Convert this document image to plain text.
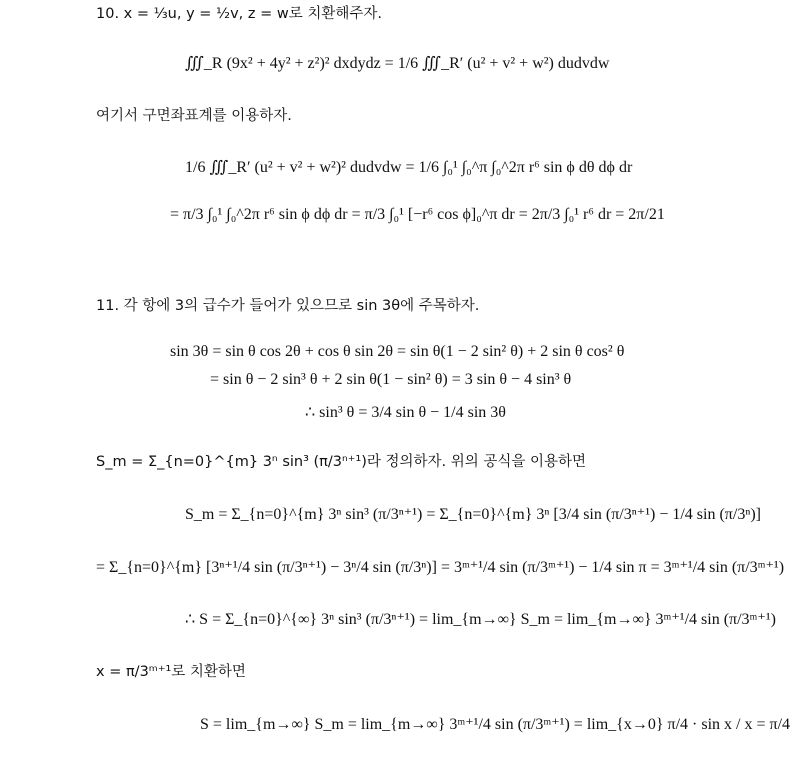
10. x = ⅓u, y = ½v, z = w로 치환해주자.
∭_R (9x² + 4y² + z²)² dxdydz = 1/6 ∭_R′ (u² + v² + w²) dudvdw
여기서 구면좌표계를 이용하자.
1/6 ∭_R′ (u² + v² + w²)² dudvdw = 1/6 ∫₀¹ ∫₀^π ∫₀^2π r⁶ sin ϕ dθ dϕ dr
= π/3 ∫₀¹ ∫₀^2π r⁶ sin ϕ dϕ dr = π/3 ∫₀¹ [−r⁶ cos ϕ]₀^π dr = 2π/3 ∫₀¹ r⁶ dr = 2π/21
11. 각 항에 3의 급수가 들어가 있으므로 sin 3θ에 주목하자.
sin 3θ = sin θ cos 2θ + cos θ sin 2θ = sin θ(1 − 2 sin² θ) + 2 sin θ cos² θ
= sin θ − 2 sin³ θ + 2 sin θ(1 − sin² θ) = 3 sin θ − 4 sin³ θ
∴ sin³ θ = 3/4 sin θ − 1/4 sin 3θ
S_m = Σ_{n=0}^{m} 3ⁿ sin³ (π/3ⁿ⁺¹)라 정의하자. 위의 공식을 이용하면
S_m = Σ_{n=0}^{m} 3ⁿ sin³ (π/3ⁿ⁺¹) = Σ_{n=0}^{m} 3ⁿ [3/4 sin (π/3ⁿ⁺¹) − 1/4 sin (π/3ⁿ)]
= Σ_{n=0}^{m} [3ⁿ⁺¹/4 sin (π/3ⁿ⁺¹) − 3ⁿ/4 sin (π/3ⁿ)] = 3ᵐ⁺¹/4 sin (π/3ᵐ⁺¹) − 1/4 sin π = 3ᵐ⁺¹/4 sin (π/3ᵐ⁺¹)
∴ S = Σ_{n=0}^{∞} 3ⁿ sin³ (π/3ⁿ⁺¹) = lim_{m→∞} S_m = lim_{m→∞} 3ᵐ⁺¹/4 sin (π/3ᵐ⁺¹)
x = π/3ᵐ⁺¹로 치환하면
S = lim_{m→∞} S_m = lim_{m→∞} 3ᵐ⁺¹/4 sin (π/3ᵐ⁺¹) = lim_{x→0} π/4 · sin x / x = π/4
